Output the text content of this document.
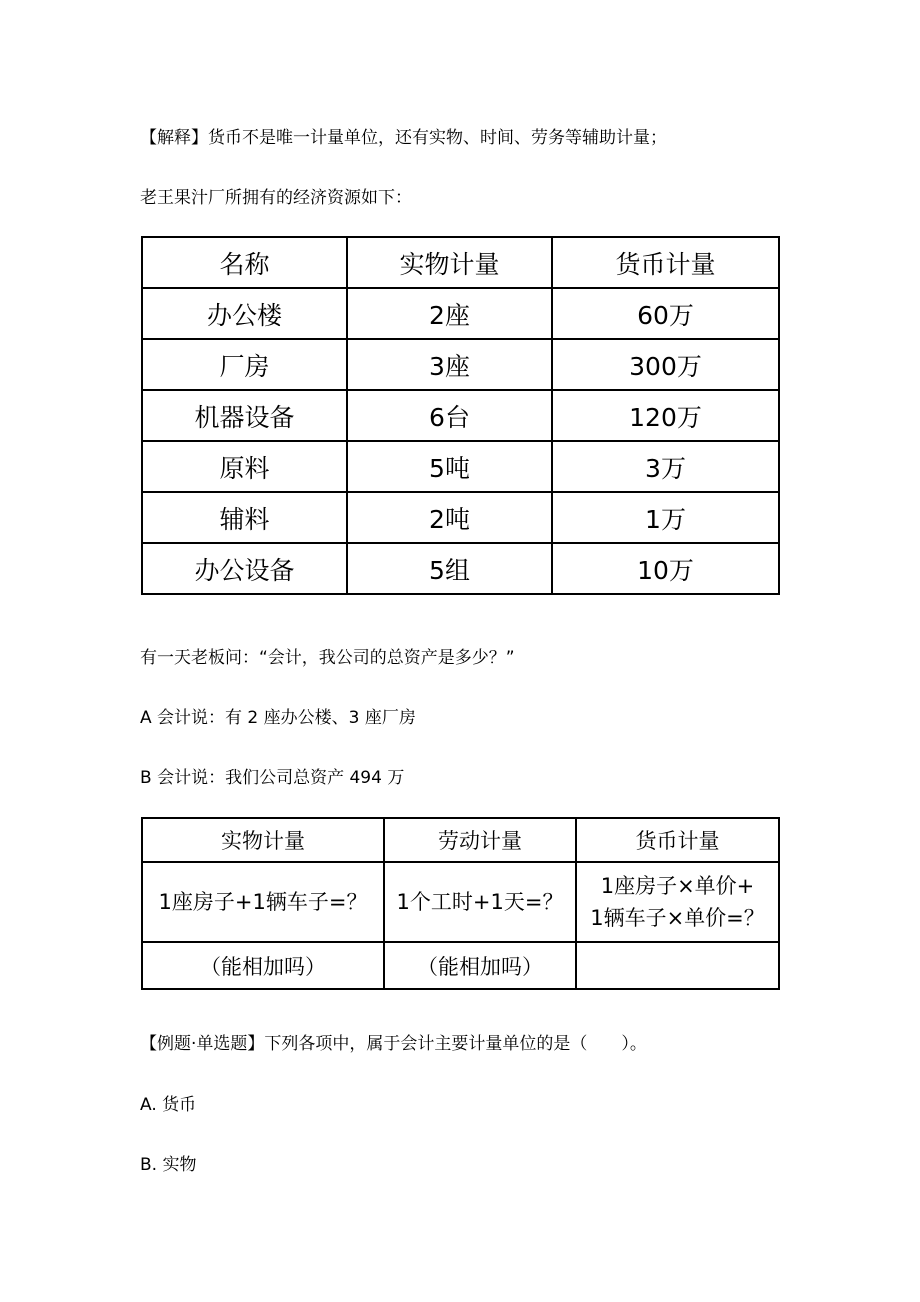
【解释】货币不是唯一计量单位，还有实物、时间、劳务等辅助计量；
老王果汁厂所拥有的经济资源如下：
名称	实物计量	货币计量
办公楼	2座	60万
厂房	3座	300万
机器设备	6台	120万
原料	5吨	3万
辅料	2吨	1万
办公设备	5组	10万
有一天老板问：“会计，我公司的总资产是多少？”
A 会计说：有 2 座办公楼、3 座厂房
B 会计说：我们公司总资产 494 万
实物计量	劳动计量	货币计量
1座房子+1辆车子=？	1个工时+1天=？	1座房子×单价+
1辆车子×单价=？

（能相加吗）	（能相加吗）	
【例题·单选题】下列各项中，属于会计主要计量单位的是（　　）。
A. 货币
B. 实物
